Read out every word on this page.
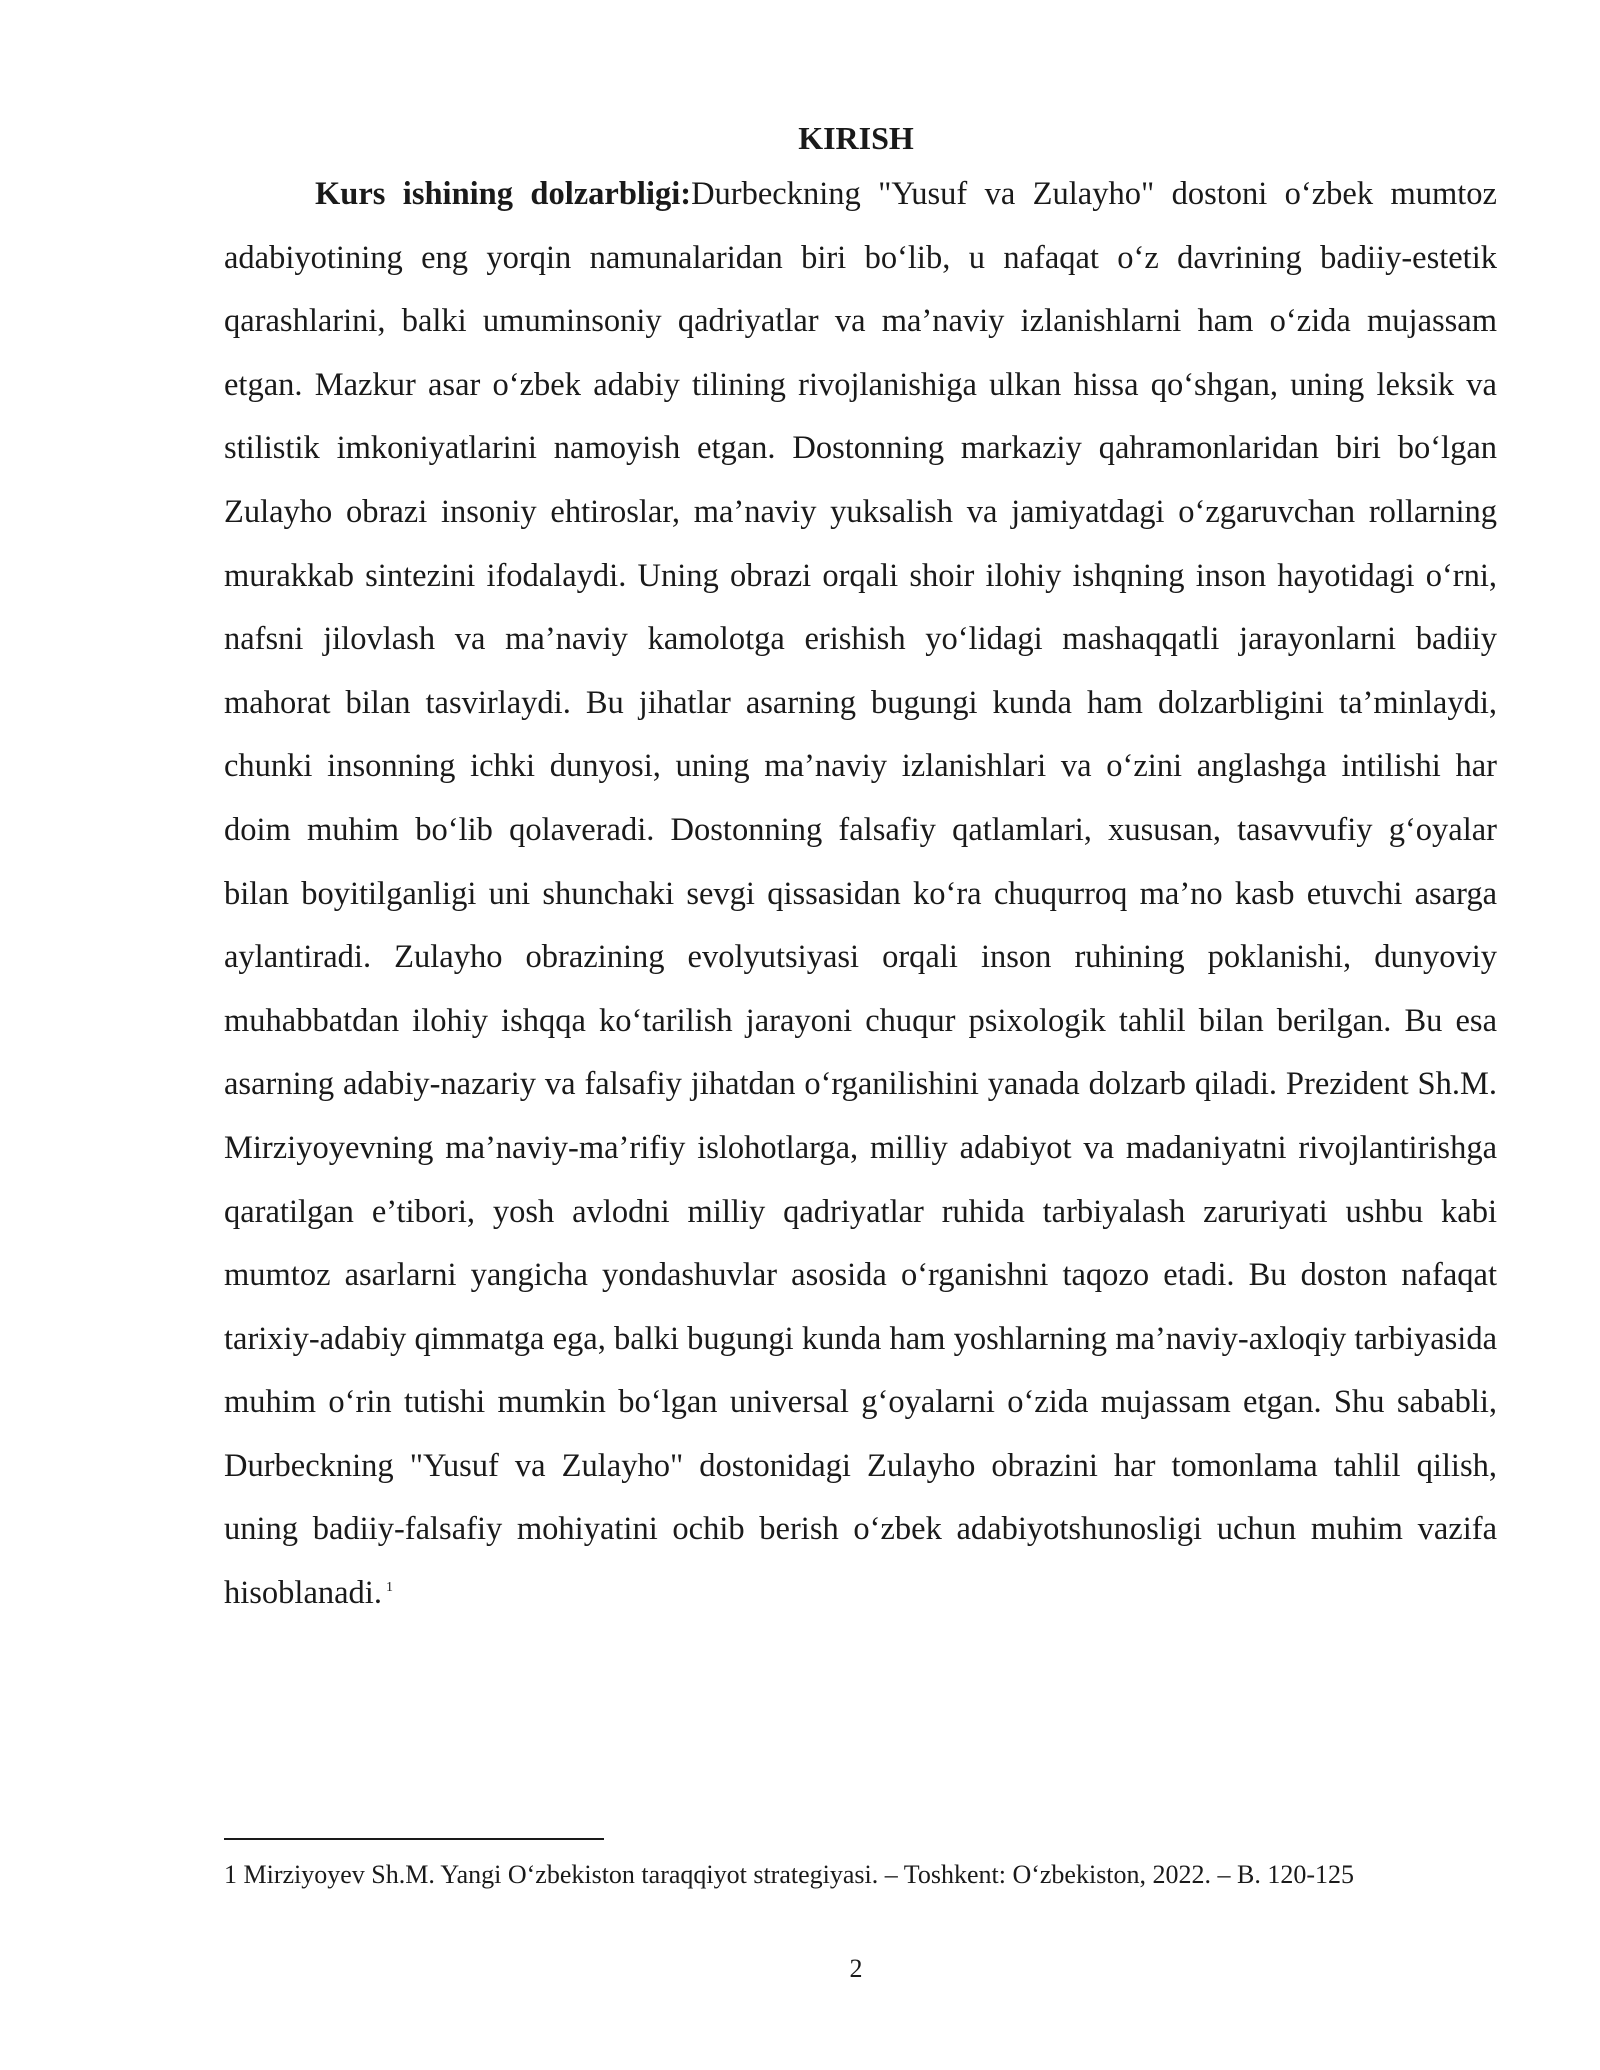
KIRISH

Kurs ishining dolzarbligi:Durbeckning "Yusuf va Zulayho" dostoni o‘zbek mumtoz adabiyotining eng yorqin namunalaridan biri bo‘lib, u nafaqat o‘z davrining badiiy-estetik qarashlarini, balki umuminsoniy qadriyatlar va ma’naviy izlanishlarni ham o‘zida mujassam etgan. Mazkur asar o‘zbek adabiy tilining rivojlanishiga ulkan hissa qo‘shgan, uning leksik va stilistik imkoniyatlarini namoyish etgan. Dostonning markaziy qahramonlaridan biri bo‘lgan Zulayho obrazi insoniy ehtiroslar, ma’naviy yuksalish va jamiyatdagi o‘zgaruvchan rollarning murakkab sintezini ifodalaydi. Uning obrazi orqali shoir ilohiy ishqning inson hayotidagi o‘rni, nafsni jilovlash va ma’naviy kamolotga erishish yo‘lidagi mashaqqatli jarayonlarni badiiy mahorat bilan tasvirlaydi. Bu jihatlar asarning bugungi kunda ham dolzarbligini ta’minlaydi, chunki insonning ichki dunyosi, uning ma’naviy izlanishlari va o‘zini anglashga intilishi har doim muhim bo‘lib qolaveradi. Dostonning falsafiy qatlamlari, xususan, tasavvufiy g‘oyalar bilan boyitilganligi uni shunchaki sevgi qissasidan ko‘ra chuqurroq ma’no kasb etuvchi asarga aylantiradi. Zulayho obrazining evolyutsiyasi orqali inson ruhining poklanishi, dunyoviy muhabbatdan ilohiy ishqqa ko‘tarilish jarayoni chuqur psixologik tahlil bilan berilgan. Bu esa asarning adabiy-nazariy va falsafiy jihatdan o‘rganilishini yanada dolzarb qiladi. Prezident Sh.M. Mirziyoyevning ma’naviy-ma’rifiy islohotlarga, milliy adabiyot va madaniyatni rivojlantirishga qaratilgan e’tibori, yosh avlodni milliy qadriyatlar ruhida tarbiyalash zaruriyati ushbu kabi mumtoz asarlarni yangicha yondashuvlar asosida o‘rganishni taqozo etadi. Bu doston nafaqat tarixiy-adabiy qimmatga ega, balki bugungi kunda ham yoshlarning ma’naviy-axloqiy tarbiyasida muhim o‘rin tutishi mumkin bo‘lgan universal g‘oyalarni o‘zida mujassam etgan. Shu sababli, Durbeckning "Yusuf va Zulayho" dostonidagi Zulayho obrazini har tomonlama tahlil qilish, uning badiiy-falsafiy mohiyatini ochib berish o‘zbek adabiyotshunosligi uchun muhim vazifa hisoblanadi. $^1$

1 Mirziyoyev Sh.M. Yangi O‘zbekiston taraqqiyot strategiyasi. – Toshkent: O‘zbekiston, 2022. – B. 120-125

2
